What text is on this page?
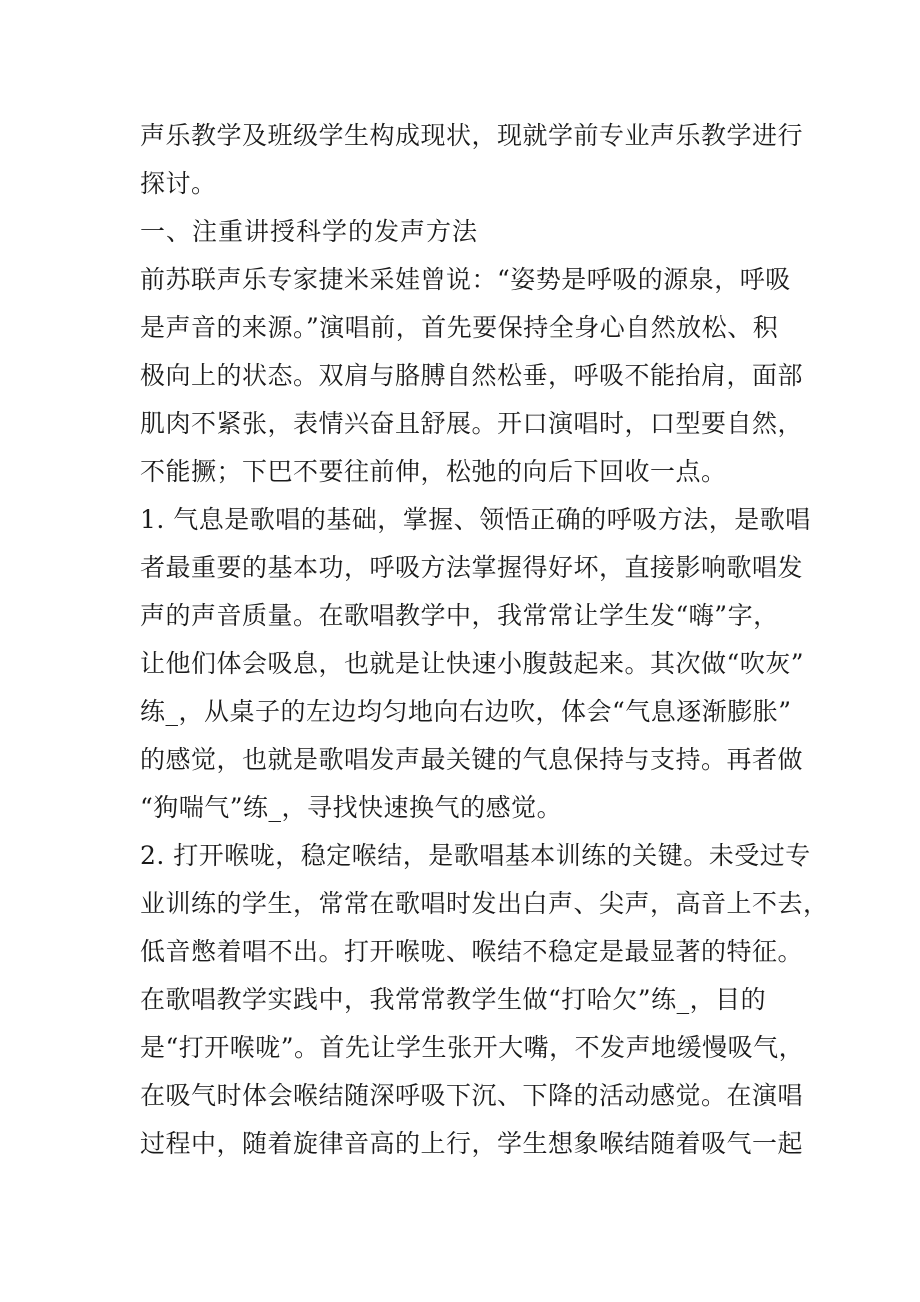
声乐教学及班级学生构成现状，现就学前专业声乐教学进行
探讨。
一、注重讲授科学的发声方法
前苏联声乐专家捷米采娃曾说：“姿势是呼吸的源泉，呼吸
是声音的来源。”演唱前，首先要保持全身心自然放松、积
极向上的状态。双肩与胳膊自然松垂，呼吸不能抬肩，面部
肌肉不紧张，表情兴奋且舒展。开口演唱时，口型要自然，
不能撅；下巴不要往前伸，松弛的向后下回收一点。
1. 气息是歌唱的基础，掌握、领悟正确的呼吸方法，是歌唱
者最重要的基本功，呼吸方法掌握得好坏，直接影响歌唱发
声的声音质量。在歌唱教学中，我常常让学生发“嗨”字，
让他们体会吸息，也就是让快速小腹鼓起来。其次做“吹灰”
练_，从桌子的左边均匀地向右边吹，体会“气息逐渐膨胀”
的感觉，也就是歌唱发声最关键的气息保持与支持。再者做
“狗喘气”练_，寻找快速换气的感觉。
2. 打开喉咙，稳定喉结，是歌唱基本训练的关键。未受过专
业训练的学生，常常在歌唱时发出白声、尖声，高音上不去，
低音憋着唱不出。打开喉咙、喉结不稳定是最显著的特征。
在歌唱教学实践中，我常常教学生做“打哈欠”练_，目的
是“打开喉咙”。首先让学生张开大嘴，不发声地缓慢吸气，
在吸气时体会喉结随深呼吸下沉、下降的活动感觉。在演唱
过程中，随着旋律音高的上行，学生想象喉结随着吸气一起
